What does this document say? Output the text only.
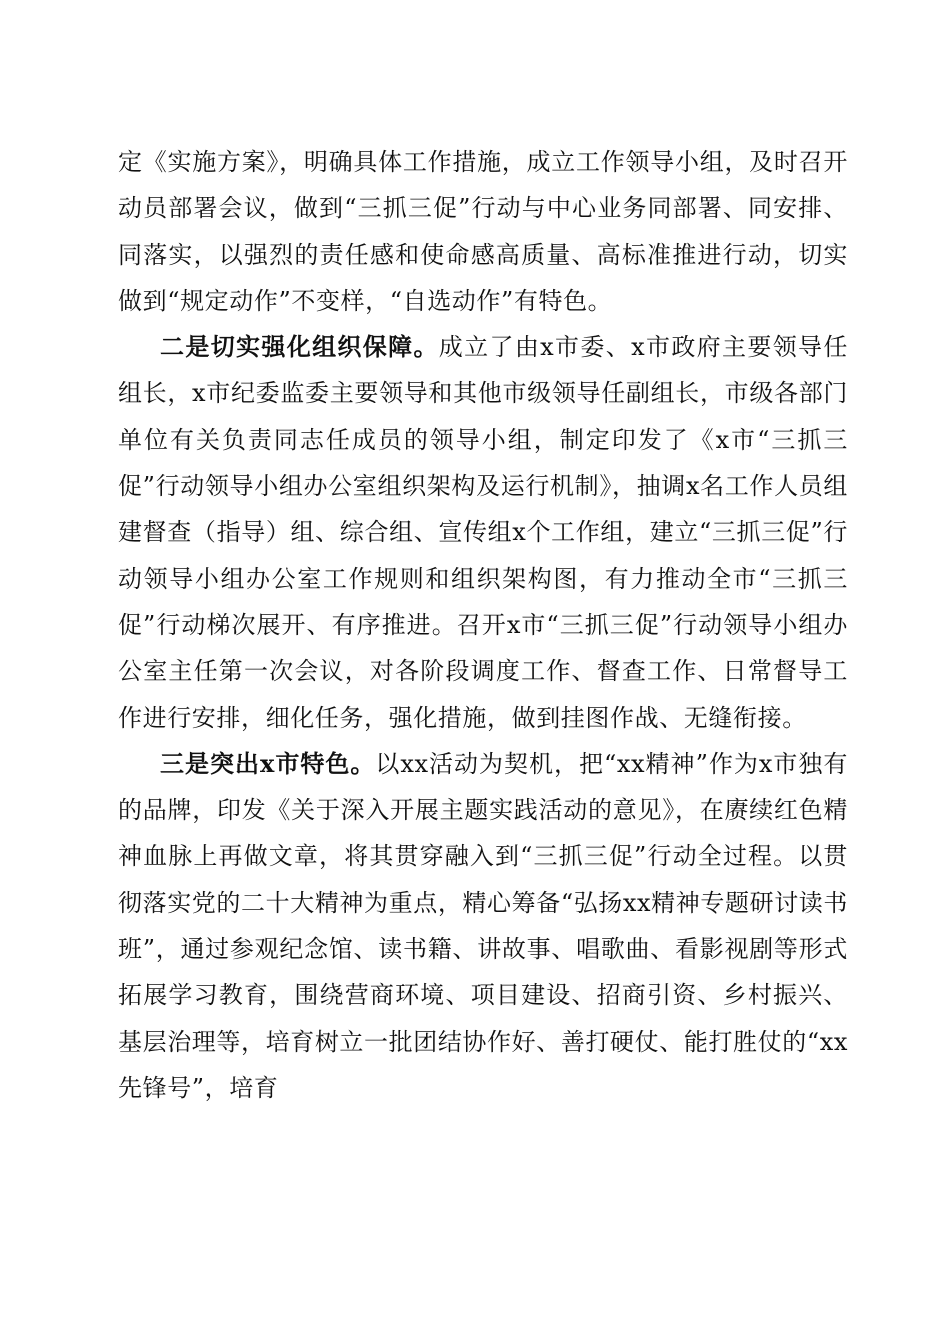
定《实施方案》，明确具体工作措施，成立工作领导小组，及时召开动员部署会议，做到“三抓三促”行动与中心业务同部署、同安排、同落实，以强烈的责任感和使命感高质量、高标准推进行动，切实做到“规定动作”不变样，“自选动作”有特色。

二是切实强化组织保障。成立了由x市委、x市政府主要领导任组长，x市纪委监委主要领导和其他市级领导任副组长，市级各部门单位有关负责同志任成员的领导小组，制定印发了《x市“三抓三促”行动领导小组办公室组织架构及运行机制》，抽调x名工作人员组建督查（指导）组、综合组、宣传组x个工作组，建立“三抓三促”行动领导小组办公室工作规则和组织架构图，有力推动全市“三抓三促”行动梯次展开、有序推进。召开x市“三抓三促”行动领导小组办公室主任第一次会议，对各阶段调度工作、督查工作、日常督导工作进行安排，细化任务，强化措施，做到挂图作战、无缝衔接。

三是突出x市特色。以xx活动为契机，把“xx精神”作为x市独有的品牌，印发《关于深入开展主题实践活动的意见》，在赓续红色精神血脉上再做文章，将其贯穿融入到“三抓三促”行动全过程。以贯彻落实党的二十大精神为重点，精心筹备“弘扬xx精神专题研讨读书班”，通过参观纪念馆、读书籍、讲故事、唱歌曲、看影视剧等形式拓展学习教育，围绕营商环境、项目建设、招商引资、乡村振兴、基层治理等，培育树立一批团结协作好、善打硬仗、能打胜仗的“xx先锋号”，培育
